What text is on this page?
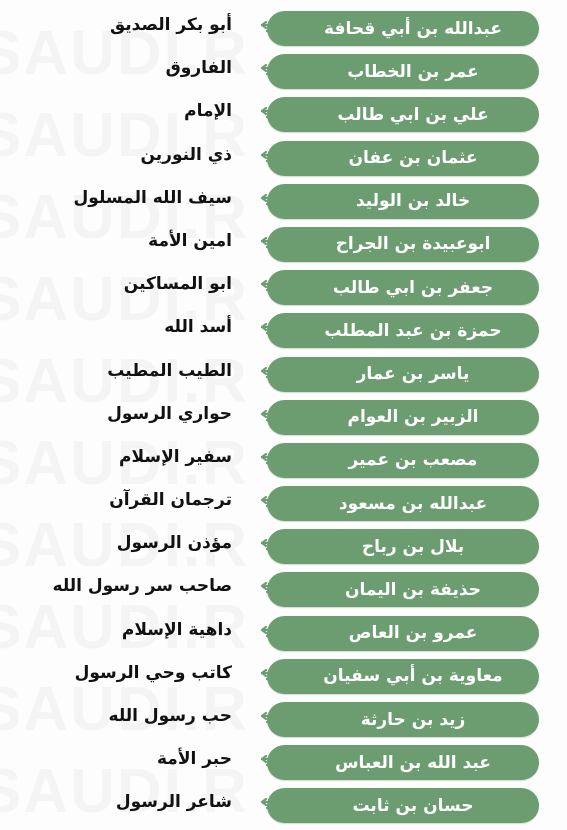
عبدالله بن أبي قحافة
أبو بكر الصديق
عمر بن الخطاب
الفاروق
علي بن ابي طالب
الإمام
عثمان بن عفان
ذي النورين
خالد بن الوليد
سيف الله المسلول
ابوعبيدة بن الجراح
امين الأمة
جعفر بن ابي طالب
ابو المساكين
حمزة بن عبد المطلب
أسد الله
ياسر بن عمار
الطيب المطيب
الزبير بن العوام
حواري الرسول
مصعب بن عمير
سفير الإسلام
عبدالله بن مسعود
ترجمان القرآن
بلال بن رباح
مؤذن الرسول
حذيفة بن اليمان
صاحب سر رسول الله
عمرو بن العاص
داهية الإسلام
معاوية بن أبي سفيان
كاتب وحي الرسول
زيد بن حارثة
حب رسول الله
عبد الله بن العباس
حبر الأمة
حسان بن ثابت
شاعر الرسول
